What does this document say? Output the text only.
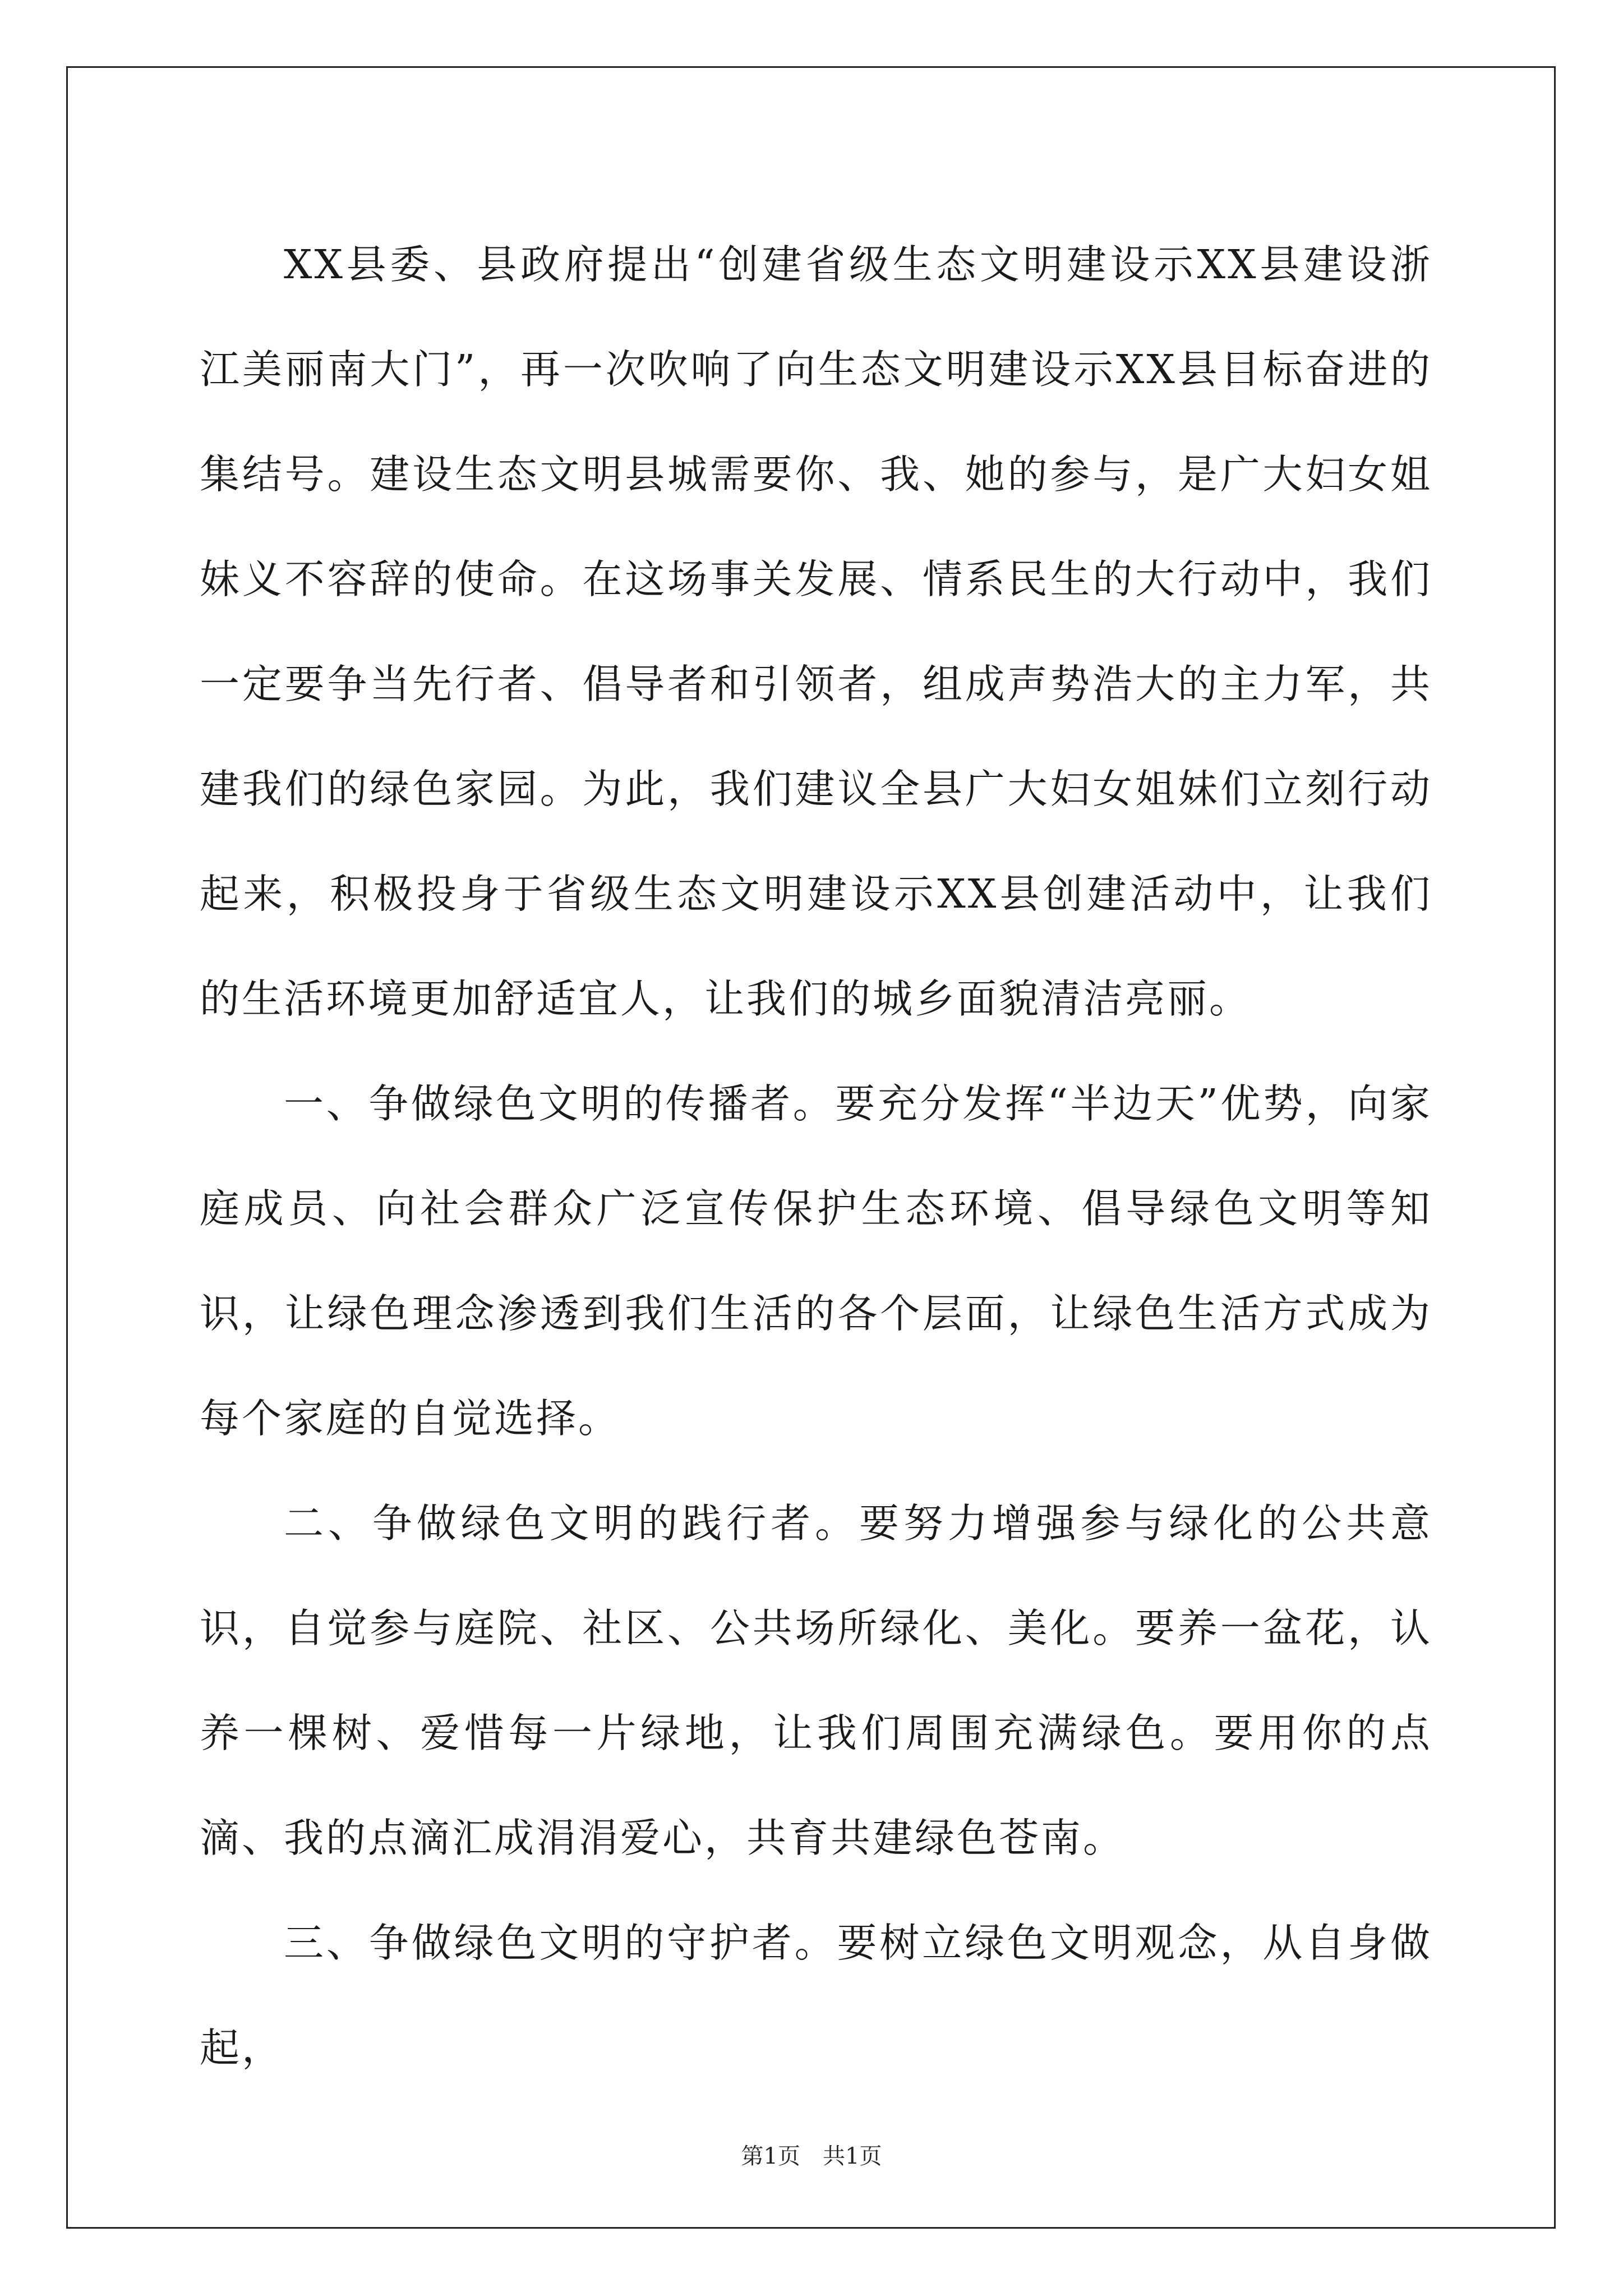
XX县委、县政府提出“创建省级生态文明建设示XX县建设浙江美丽南大门”，再一次吹响了向生态文明建设示XX县目标奋进的集结号。建设生态文明县城需要你、我、她的参与，是广大妇女姐妹义不容辞的使命。在这场事关发展、情系民生的大行动中，我们一定要争当先行者、倡导者和引领者，组成声势浩大的主力军，共建我们的绿色家园。为此，我们建议全县广大妇女姐妹们立刻行动起来，积极投身于省级生态文明建设示XX县创建活动中，让我们的生活环境更加舒适宜人，让我们的城乡面貌清洁亮丽。

一、争做绿色文明的传播者。要充分发挥“半边天”优势，向家庭成员、向社会群众广泛宣传保护生态环境、倡导绿色文明等知识，让绿色理念渗透到我们生活的各个层面，让绿色生活方式成为每个家庭的自觉选择。

二、争做绿色文明的践行者。要努力增强参与绿化的公共意识，自觉参与庭院、社区、公共场所绿化、美化。要养一盆花，认养一棵树、爱惜每一片绿地，让我们周围充满绿色。要用你的点滴、我的点滴汇成涓涓爱心，共育共建绿色苍南。

三、争做绿色文明的守护者。要树立绿色文明观念，从自身做起，

第1页　共1页
